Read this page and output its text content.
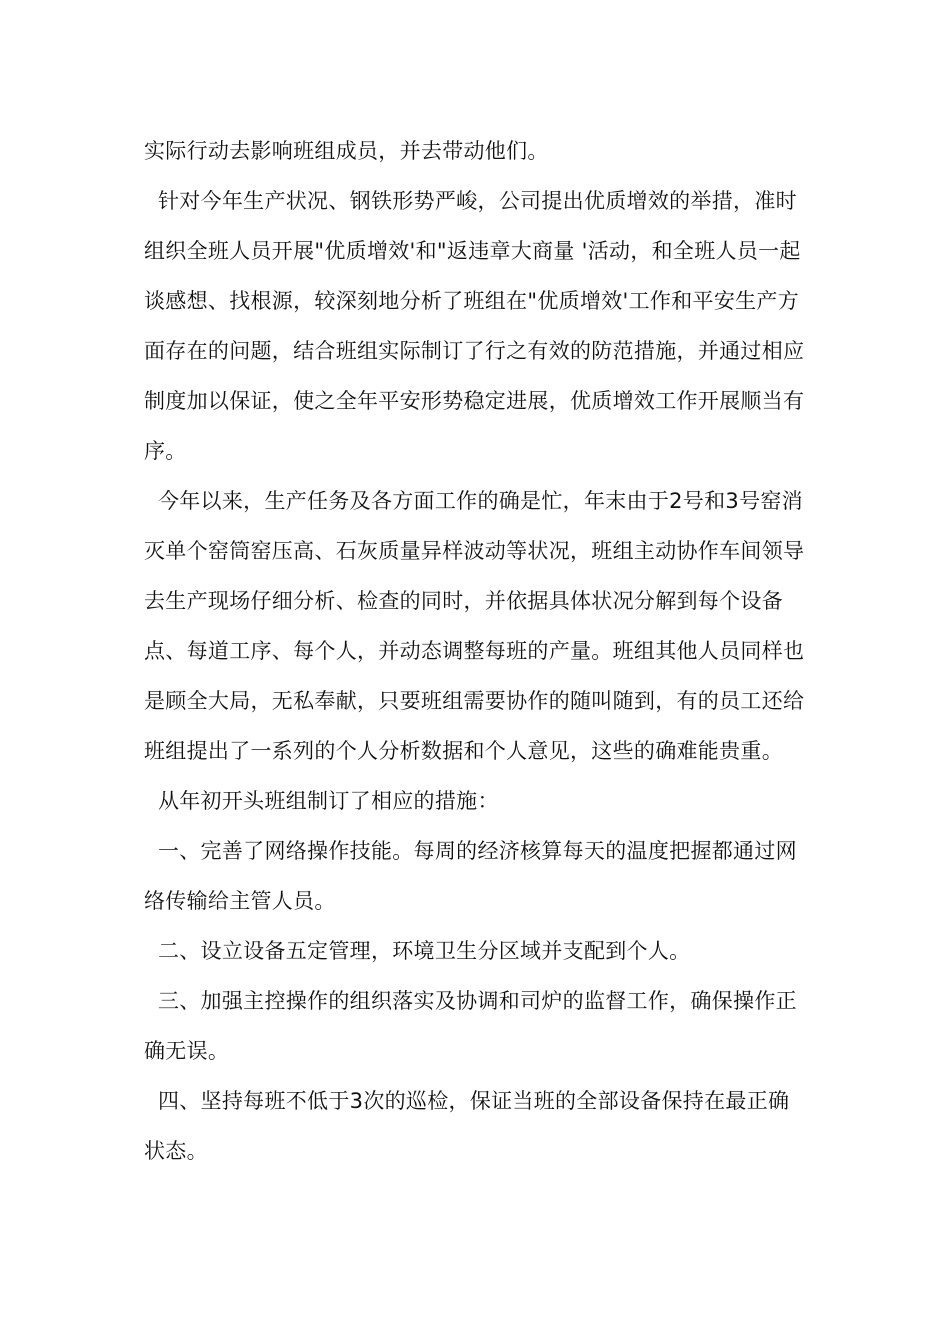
实际行动去影响班组成员，并去带动他们。

针对今年生产状况、钢铁形势严峻，公司提出优质增效的举措，准时组织全班人员开展"优质增效'和"返违章大商量 '活动，和全班人员一起谈感想、找根源，较深刻地分析了班组在"优质增效'工作和平安生产方面存在的问题，结合班组实际制订了行之有效的防范措施，并通过相应制度加以保证，使之全年平安形势稳定进展，优质增效工作开展顺当有序。

今年以来，生产任务及各方面工作的确是忙，年末由于2号和3号窑消灭单个窑筒窑压高、石灰质量异样波动等状况，班组主动协作车间领导去生产现场仔细分析、检查的同时，并依据具体状况分解到每个设备点、每道工序、每个人，并动态调整每班的产量。班组其他人员同样也是顾全大局，无私奉献，只要班组需要协作的随叫随到，有的员工还给班组提出了一系列的个人分析数据和个人意见，这些的确难能贵重。

从年初开头班组制订了相应的措施：

一、完善了网络操作技能。每周的经济核算每天的温度把握都通过网络传输给主管人员。

二、设立设备五定管理，环境卫生分区域并支配到个人。

三、加强主控操作的组织落实及协调和司炉的监督工作，确保操作正确无误。

四、坚持每班不低于3次的巡检，保证当班的全部设备保持在最正确状态。
